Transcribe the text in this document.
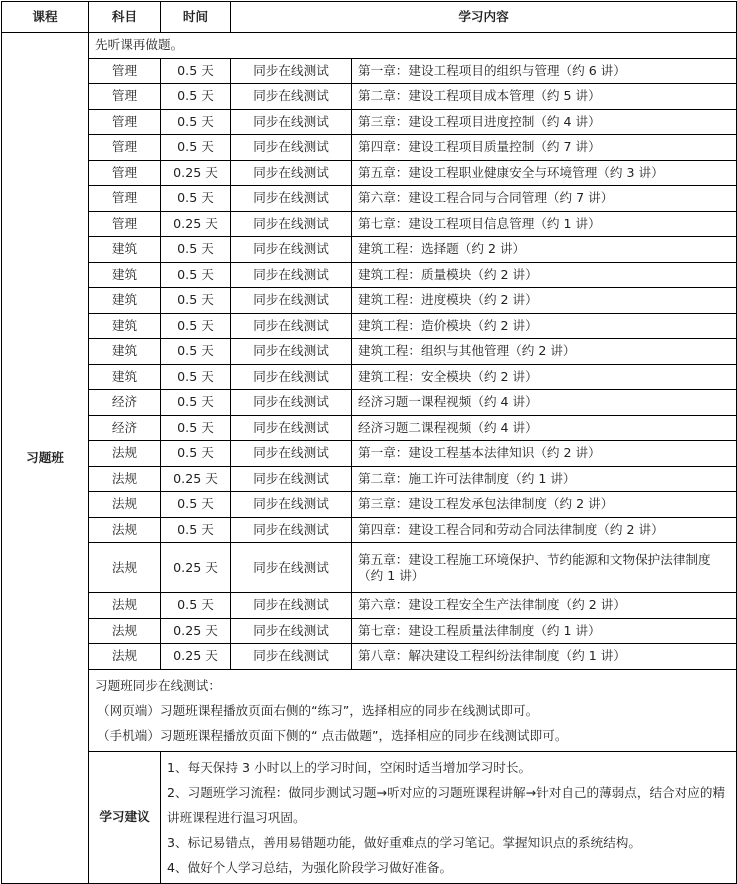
课程	科目	时间	学习内容	
习题班	先听课再做题。			
	管理	0.5 天	同步在线测试	第一章：建设工程项目的组织与管理（约 6 讲）
	管理	0.5 天	同步在线测试	第二章：建设工程项目成本管理（约 5 讲）
	管理	0.5 天	同步在线测试	第三章：建设工程项目进度控制（约 4 讲）
	管理	0.5 天	同步在线测试	第四章：建设工程项目质量控制（约 7 讲）
	管理	0.25 天	同步在线测试	第五章：建设工程职业健康安全与环境管理（约 3 讲）
	管理	0.5 天	同步在线测试	第六章：建设工程合同与合同管理（约 7 讲）
	管理	0.25 天	同步在线测试	第七章：建设工程项目信息管理（约 1 讲）
	建筑	0.5 天	同步在线测试	建筑工程：选择题（约 2 讲）
	建筑	0.5 天	同步在线测试	建筑工程：质量模块（约 2 讲）
	建筑	0.5 天	同步在线测试	建筑工程：进度模块（约 2 讲）
	建筑	0.5 天	同步在线测试	建筑工程：造价模块（约 2 讲）
	建筑	0.5 天	同步在线测试	建筑工程：组织与其他管理（约 2 讲）
	建筑	0.5 天	同步在线测试	建筑工程：安全模块（约 2 讲）
	经济	0.5 天	同步在线测试	经济习题一课程视频（约 4 讲）
	经济	0.5 天	同步在线测试	经济习题二课程视频（约 4 讲）
	法规	0.5 天	同步在线测试	第一章：建设工程基本法律知识（约 2 讲）
	法规	0.25 天	同步在线测试	第二章：施工许可法律制度（约 1 讲）
	法规	0.5 天	同步在线测试	第三章：建设工程发承包法律制度（约 2 讲）
	法规	0.5 天	同步在线测试	第四章：建设工程合同和劳动合同法律制度（约 2 讲）
	法规	0.25 天	同步在线测试	第五章：建设工程施工环境保护、节约能源和文物保护法律制度（约 1 讲）
	法规	0.5 天	同步在线测试	第六章：建设工程安全生产法律制度（约 2 讲）
	法规	0.25 天	同步在线测试	第七章：建设工程质量法律制度（约 1 讲）
	法规	0.25 天	同步在线测试	第八章：解决建设工程纠纷法律制度（约 1 讲）

	习题班同步在线测试：
（网页端）习题班课程播放页面右侧的“练习”，选择相应的同步在线测试即可。
（手机端）习题班课程播放页面下侧的“ 点击做题”，选择相应的同步在线测试即可。			

	学习建议	1、每天保持 3 小时以上的学习时间，空闲时适当增加学习时长。
2、习题班学习流程：做同步测试习题→听对应的习题班课程讲解→针对自己的薄弱点，结合对应的精讲班课程进行温习巩固。
3、标记易错点，善用易错题功能，做好重难点的学习笔记。掌握知识点的系统结构。
4、做好个人学习总结，为强化阶段学习做好准备。		
